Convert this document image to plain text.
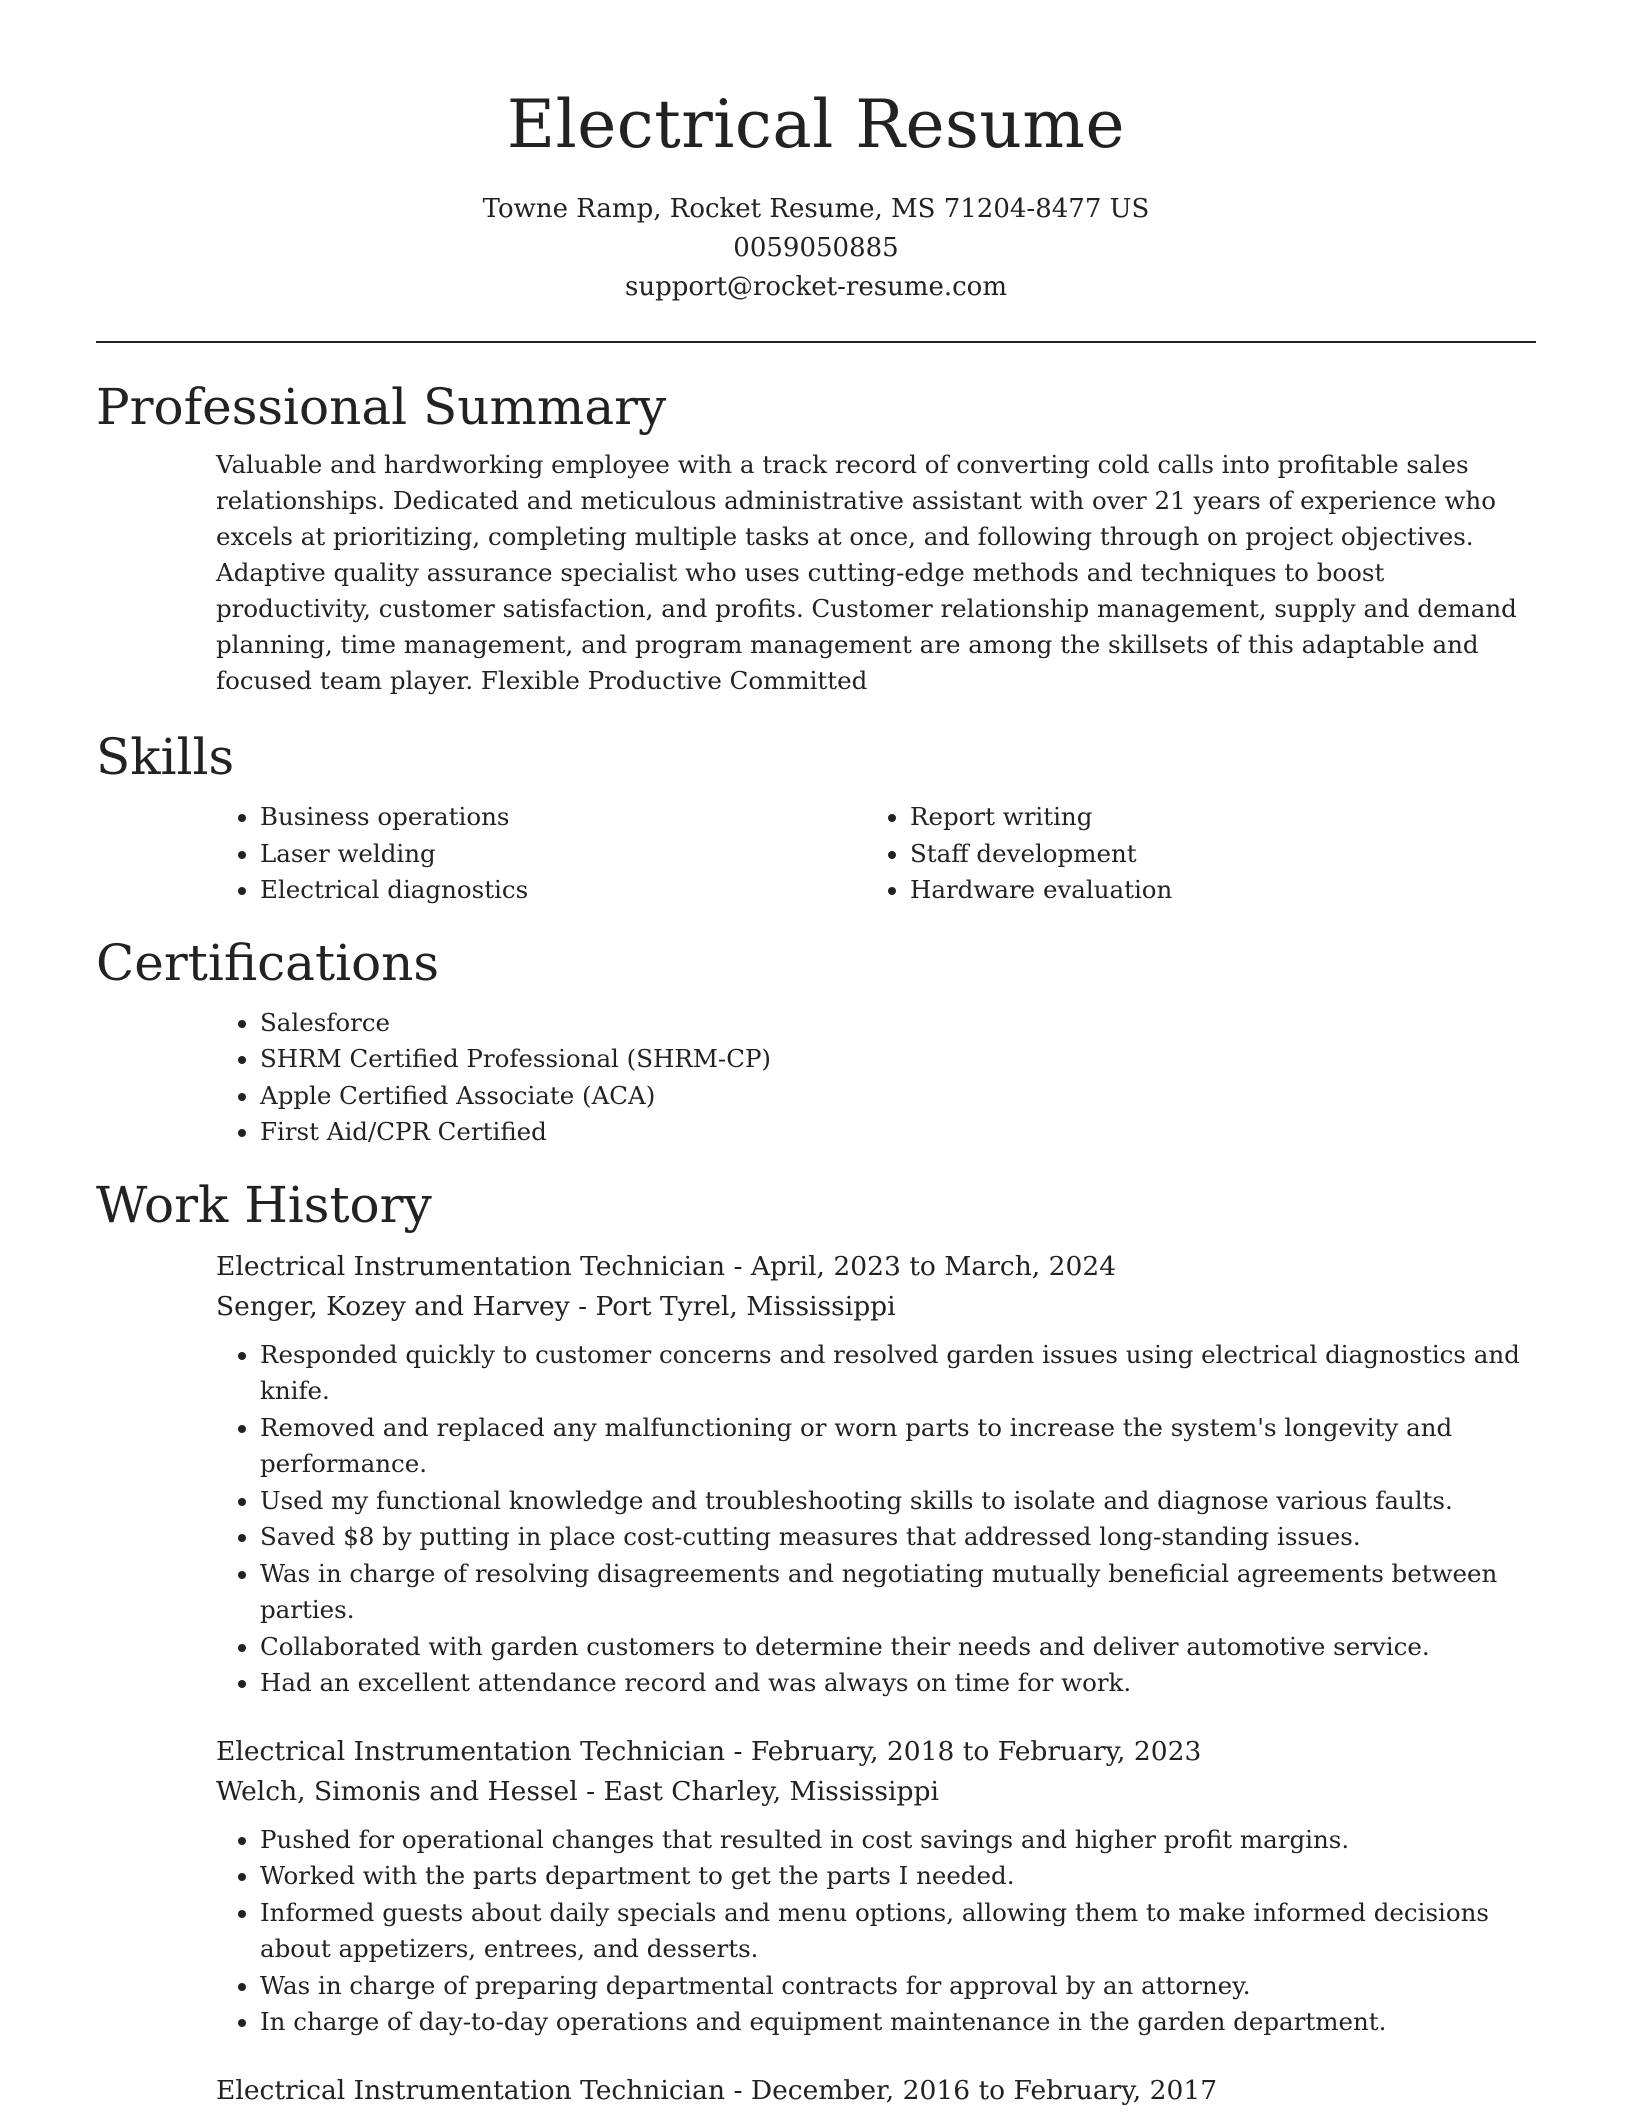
Electrical Resume
Towne Ramp, Rocket Resume, MS 71204-8477 US
0059050885
support@rocket-resume.com
Professional Summary

Valuable and hardworking employee with a track record of converting cold calls into profitable sales relationships. Dedicated and meticulous administrative assistant with over 21 years of experience who excels at prioritizing, completing multiple tasks at once, and following through on project objectives. Adaptive quality assurance specialist who uses cutting-edge methods and techniques to boost productivity, customer satisfaction, and profits. Customer relationship management, supply and demand planning, time management, and program management are among the skillsets of this adaptable and focused team player. Flexible Productive Committed

Skills
• Business operations
• Laser welding
• Electrical diagnostics
• Report writing
• Staff development
• Hardware evaluation
Certifications
• Salesforce
• SHRM Certified Professional (SHRM-CP)
• Apple Certified Associate (ACA)
• First Aid/CPR Certified
Work History
Electrical Instrumentation Technician - April, 2023 to March, 2024
Senger, Kozey and Harvey - Port Tyrel, Mississippi
• Responded quickly to customer concerns and resolved garden issues using electrical diagnostics and knife.
• Removed and replaced any malfunctioning or worn parts to increase the system's longevity and performance.
• Used my functional knowledge and troubleshooting skills to isolate and diagnose various faults.
• Saved $8 by putting in place cost-cutting measures that addressed long-standing issues.
• Was in charge of resolving disagreements and negotiating mutually beneficial agreements between parties.
• Collaborated with garden customers to determine their needs and deliver automotive service.
• Had an excellent attendance record and was always on time for work.
Electrical Instrumentation Technician - February, 2018 to February, 2023
Welch, Simonis and Hessel - East Charley, Mississippi
• Pushed for operational changes that resulted in cost savings and higher profit margins.
• Worked with the parts department to get the parts I needed.
• Informed guests about daily specials and menu options, allowing them to make informed decisions about appetizers, entrees, and desserts.
• Was in charge of preparing departmental contracts for approval by an attorney.
• In charge of day-to-day operations and equipment maintenance in the garden department.
Electrical Instrumentation Technician - December, 2016 to February, 2017
